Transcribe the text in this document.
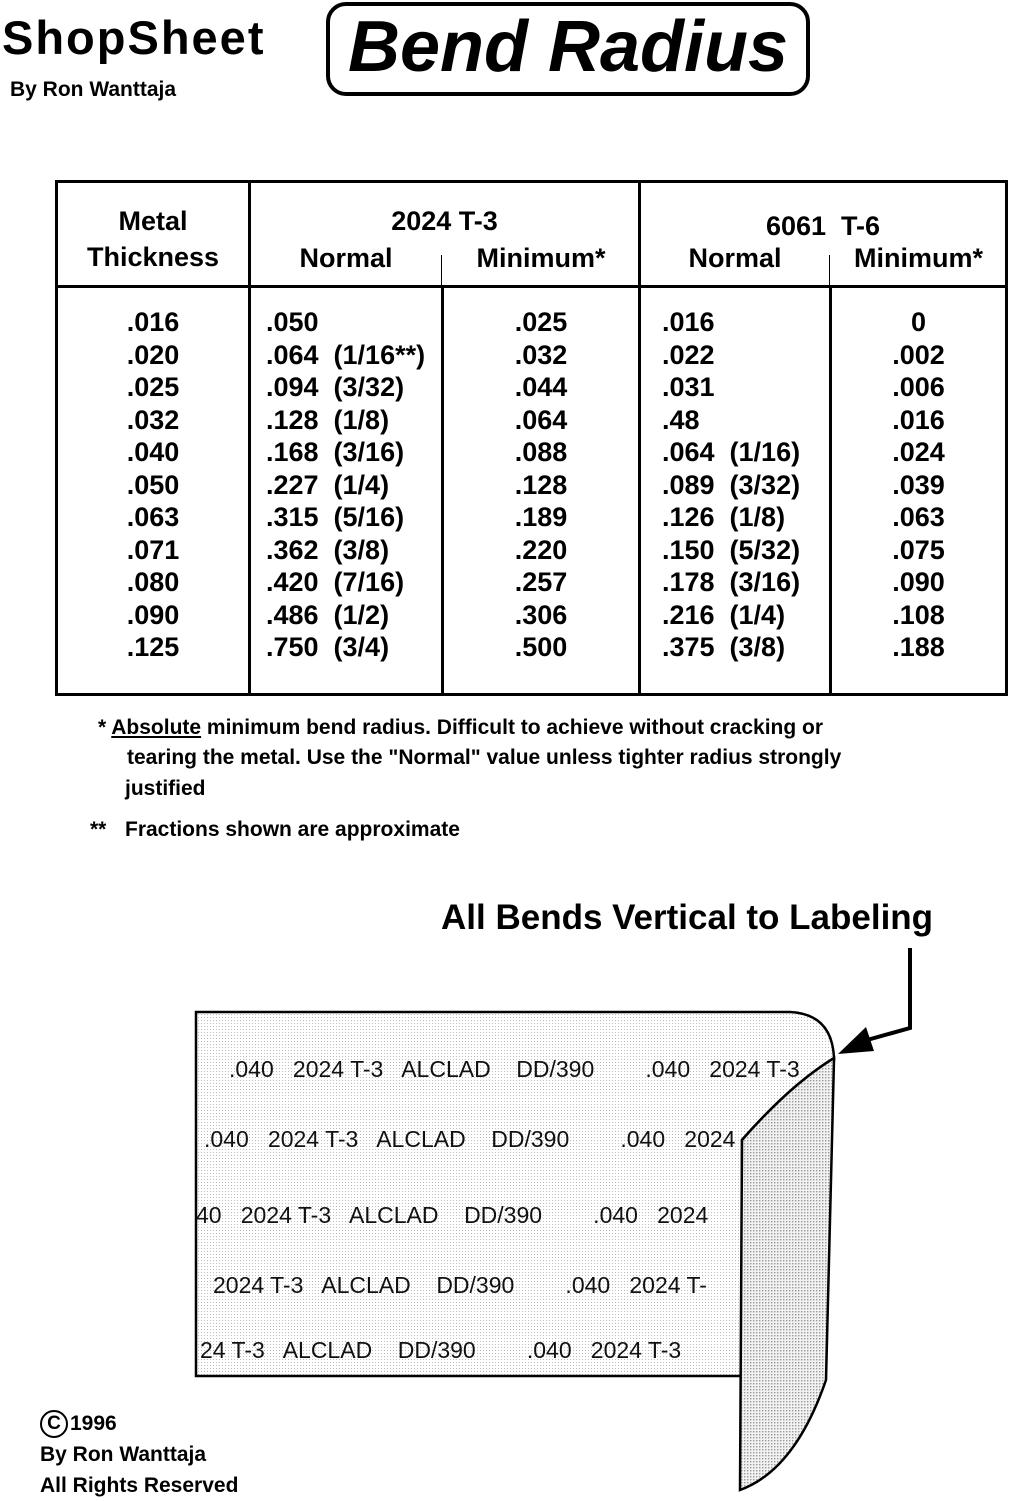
ShopSheet
By Ron Wanttaja
Bend Radius
Metal
Thickness
2024 T-3
Normal	Minimum*
6061  T-6
Normal	Minimum*
.016
.020
.025
.032
.040
.050
.063
.071
.080
.090
.125
.050
.064  (1/16**)
.094  (3/32)
.128  (1/8)
.168  (3/16)
.227  (1/4)
.315  (5/16)
.362  (3/8)
.420  (7/16)
.486  (1/2)
.750  (3/4)
.025
.032
.044
.064
.088
.128
.189
.220
.257
.306
.500
.016
.022
.031
.48
.064  (1/16)
.089  (3/32)
.126  (1/8)
.150  (5/32)
.178  (3/16)
.216  (1/4)
.375  (3/8)
0
.002
.006
.016
.024
.039
.063
.075
.090
.108
.188
* Absolute minimum bend radius. Difficult to achieve without cracking or
tearing the metal. Use the "Normal" value unless tighter radius strongly
justified
** Fractions shown are approximate
All Bends Vertical to Labeling
.040   2024 T-3   ALCLAD    DD/390        .040   2024 T-3
.040   2024 T-3   ALCLAD    DD/390        .040   2024
40   2024 T-3   ALCLAD    DD/390        .040   2024
2024 T-3   ALCLAD    DD/390        .040   2024 T-
24 T-3   ALCLAD    DD/390        .040   2024 T-3
C 1996
By Ron Wanttaja
All Rights Reserved
